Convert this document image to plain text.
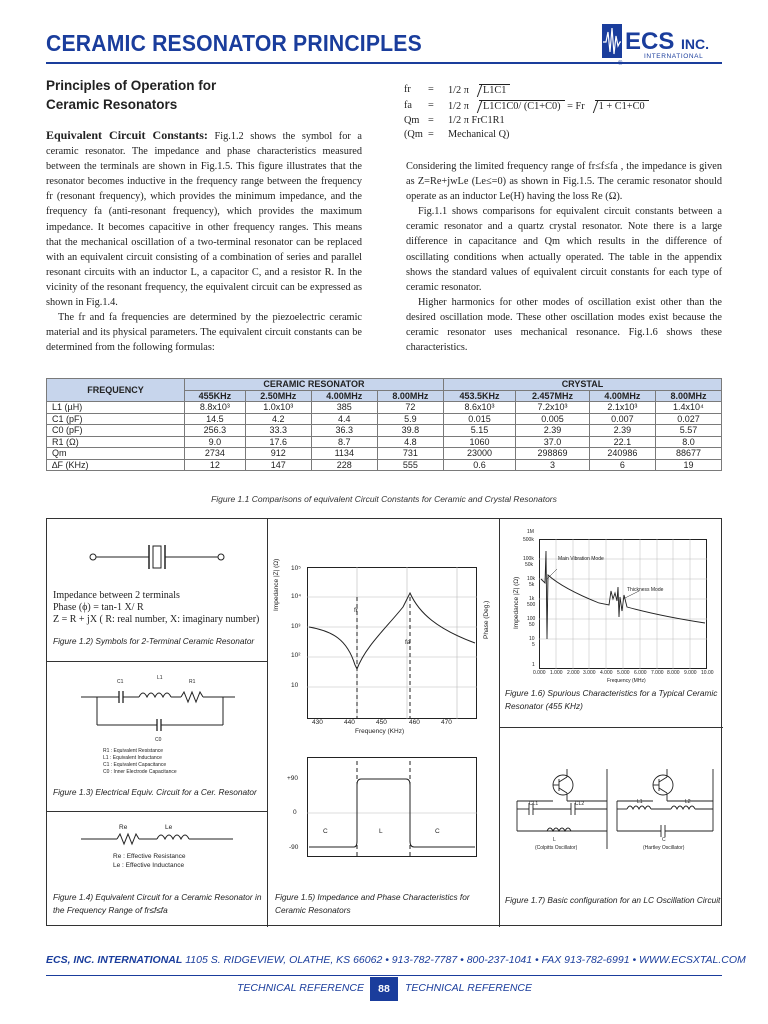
CERAMIC RESONATOR PRINCIPLES	ECS INC.
INTERNATIONAL
®
Principles of Operation for
Ceramic Resonators

Equivalent Circuit Constants: Fig.1.2 shows the symbol for a ceramic resonator. The impedance and phase characteristics measured between the terminals are shown in Fig.1.5. This figure illustrates that the resonator becomes inductive in the frequency range between the frequency fr (resonant frequency), which provides the minimum impedance, and the frequency fa (anti-resonant frequency), which provides the maximum impedance. It becomes capacitive in other frequency ranges. This means that the mechanical oscillation of a two-terminal resonator can be replaced with an equivalent circuit consisting of a combination of series and parallel resonant circuits with an inductor L, a capacitor C, and a resistor R. In the vicinity of the resonant frequency, the equivalent circuit can be expressed as shown in Fig.1.4.

The fr and fa frequencies are determined by the piezoelectric ceramic material and its physical parameters. The equivalent circuit constants can be determined from the following formulas:

fr = 1/2 π L1C1
fa = 1/2 π L1C1C0/ (C1+C0) = Fr 1 + C1+C0
Qm = 1/2 π FrC1R1
(Qm = Mechanical Q)

Considering the limited frequency range of fr≤f≤fa , the impedance is given as Z=Re+jwLe (Le≤=0) as shown in Fig.1.5. The ceramic resonator should operate as an inductor Le(H) having the loss Re (Ω).

Fig.1.1 shows comparisons for equivalent circuit constants between a ceramic resonator and a quartz crystal resonator. Note there is a large difference in capacitance and Qm which results in the difference of oscillating conditions when actually operated. The table in the appendix shows the standard values of equivalent circuit constants for each type of ceramic resonator.

Higher harmonics for other modes of oscillation exist other than the desired oscillation mode. These other oscillation modes exist because the ceramic resonator uses mechanical resonance. Fig.1.6 shows these characteristics.

FREQUENCY	CERAMIC RESONATOR				CRYSTAL			
	455KHz	2.50MHz	4.00MHz	8.00MHz	453.5KHz	2.457MHz	4.00MHz	8.00MHz
L1 (µH)	8.8x10³	1.0x10³	385	72	8.6x10³	7.2x10³	2.1x10³	1.4x10⁴
C1 (pF)	14.5	4.2	4.4	5.9	0.015	0.005	0.007	0.027
C0 (pF)	256.3	33.3	36.3	39.8	5.15	2.39	2.39	5.57
R1 (Ω)	9.0	17.6	8.7	4.8	1060	37.0	22.1	8.0
Qm	2734	912	1134	731	23000	298869	240986	88677
∆F (KHz)	12	147	228	555	0.6	3	6	19
Figure 1.1 Comparisons of equivalent Circuit Constants for Ceramic and Crystal Resonators
Impedance between 2 terminals
Phase (ϕ) = tan-1 X/ R
Z = R + jX ( R: real number, X: imaginary number)
Figure 1.2) Symbols for 2-Terminal Ceramic Resonator
C1
L1
R1
C0
R1 : Equivalent Resistance
L1 : Equivalent Inductance
C1 : Equivalent Capacitance
C0 : Inner Electrode Capacitance
Figure 1.3) Electrical Equiv. Circuit for a Cer. Resonator
Re	Le
Re : Effective Resistance
Le : Effective Inductance
Figure 1.4) Equivalent Circuit for a Ceramic Resonator in
the Frequency Range of fr≤f≤fa
10⁵
10⁴
10³
10²
10
Impedance |Z| (Ω)
430	440	450	460	470
Frequency (KHz)
fr
fa
+90
0
-90
C	L	C
Phase (Deg.)
Figure 1.5) Impedance and Phase Characteristics for
Ceramic Resonators
Main Vibration Mode
Thickness Mode
1M
500k
100k
50k
10k
5k
1k
500
100
50
10
5
1
Impedance |Z| (Ω)
0.000 1.000 2.000 3.000 4.000 5.000 6.000 7.000 8.000 9.000 10.00
Frequency (MHz)
Figure 1.6) Spurious Characteristics for a Typical Ceramic
Resonator (455 KHz)
CL1	CL2
L
(Colpitts Oscillator)
L1	L2
C
(Hartley Oscillator)
Figure 1.7) Basic configuration for an LC Oscillation Circuit
ECS, INC. INTERNATIONAL 1105 S. RIDGEVIEW, OLATHE, KS 66062 • 913-782-7787 • 800-237-1041 • FAX 913-782-6991 • WWW.ECSXTAL.COM
TECHNICAL REFERENCE	88	TECHNICAL REFERENCE
